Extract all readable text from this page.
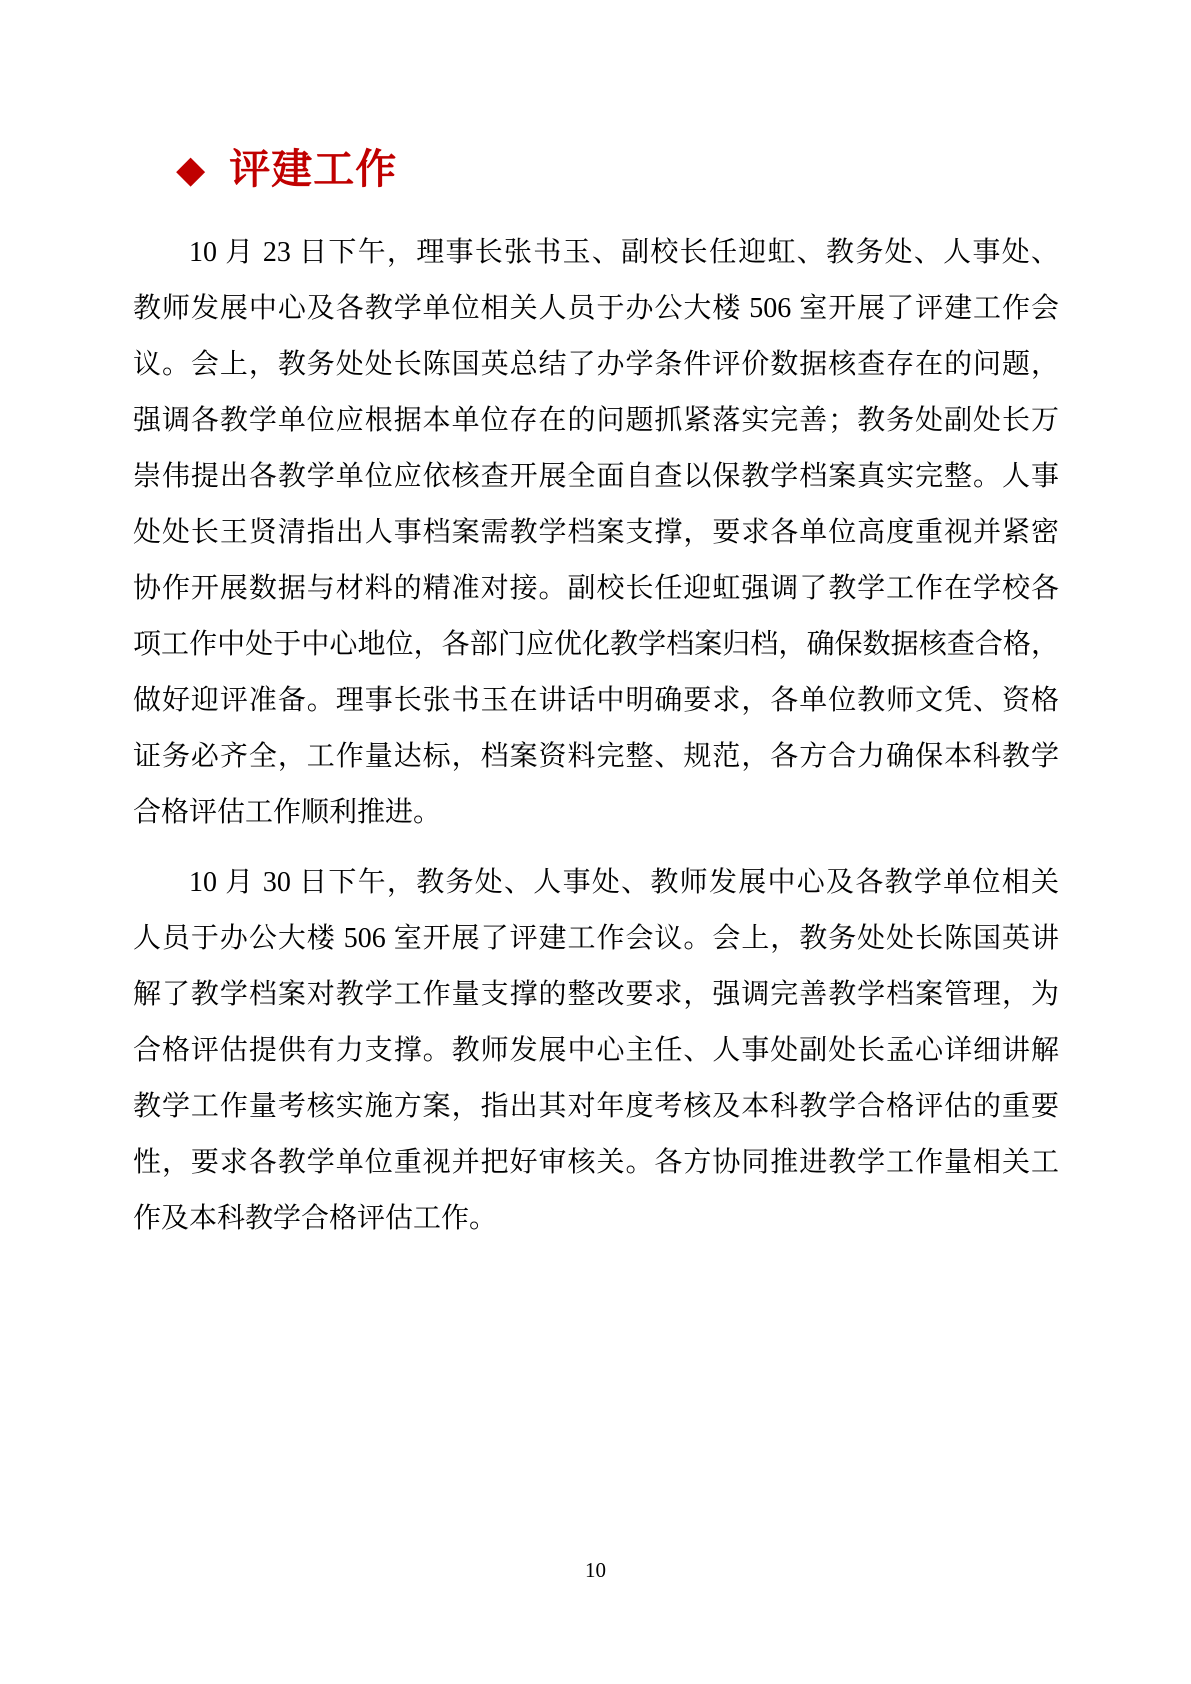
◆ 评建工作
10 月 23 日下午，理事长张书玉、副校长任迎虹、教务处、人事处、
教师发展中心及各教学单位相关人员于办公大楼 506 室开展了评建工作会
议。会上，教务处处长陈国英总结了办学条件评价数据核查存在的问题，
强调各教学单位应根据本单位存在的问题抓紧落实完善；教务处副处长万
崇伟提出各教学单位应依核查开展全面自查以保教学档案真实完整。人事
处处长王贤清指出人事档案需教学档案支撑，要求各单位高度重视并紧密
协作开展数据与材料的精准对接。副校长任迎虹强调了教学工作在学校各
项工作中处于中心地位，各部门应优化教学档案归档，确保数据核查合格，
做好迎评准备。理事长张书玉在讲话中明确要求，各单位教师文凭、资格
证务必齐全，工作量达标，档案资料完整、规范，各方合力确保本科教学
合格评估工作顺利推进。
10 月 30 日下午，教务处、人事处、教师发展中心及各教学单位相关
人员于办公大楼 506 室开展了评建工作会议。会上，教务处处长陈国英讲
解了教学档案对教学工作量支撑的整改要求，强调完善教学档案管理，为
合格评估提供有力支撑。教师发展中心主任、人事处副处长孟心详细讲解
教学工作量考核实施方案，指出其对年度考核及本科教学合格评估的重要
性，要求各教学单位重视并把好审核关。各方协同推进教学工作量相关工
作及本科教学合格评估工作。
10
